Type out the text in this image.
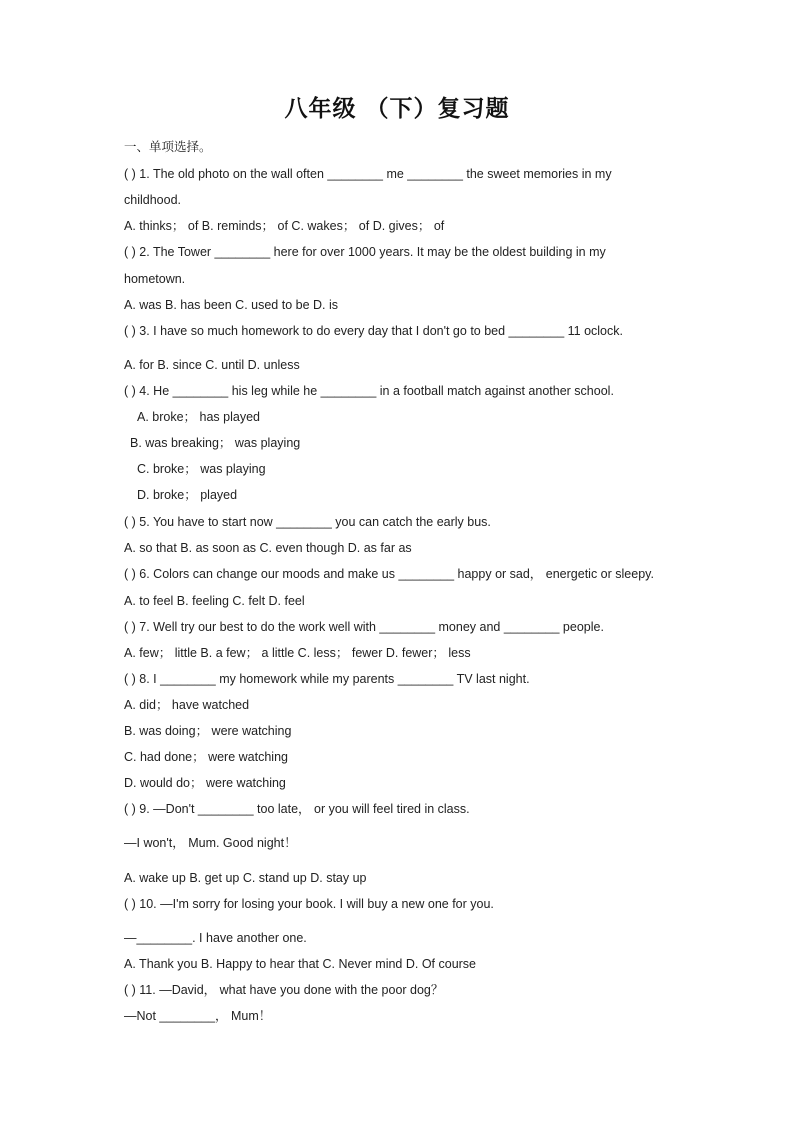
八年级 （下）复习题
一、单项选择。
( ) 1. The old photo on the wall often ________ me ________ the sweet memories in my
childhood.
A. thinks； of B. reminds； of C. wakes； of D. gives； of
( ) 2. The Tower ________ here for over 1000 years. It may be the oldest building in my
hometown.
A. was B. has been C. used to be D. is
( ) 3. I have so much homework to do every day that I don't go to bed ________ 11 oclock.
A. for B. since C. until D. unless
( ) 4. He ________ his leg while he ________ in a football match against another school.
A. broke； has played
B. was breaking； was playing
C. broke； was playing
D. broke； played
( ) 5. You have to start now ________ you can catch the early bus.
A. so that B. as soon as C. even though D. as far as
( ) 6. Colors can change our moods and make us ________ happy or sad， energetic or sleepy.
A. to feel B. feeling C. felt D. feel
( ) 7. Well try our best to do the work well with ________ money and ________ people.
A. few； little B. a few； a little C. less； fewer D. fewer； less
( ) 8. I ________ my homework while my parents ________ TV last night.
A. did； have watched
B. was doing； were watching
C. had done； were watching
D. would do； were watching
( ) 9. —Don't ________ too late， or you will feel tired in class.
—I won't， Mum. Good night！
A. wake up B. get up C. stand up D. stay up
( ) 10. —I'm sorry for losing your book. I will buy a new one for you.
—________. I have another one.
A. Thank you B. Happy to hear that C. Never mind D. Of course
( ) 11. —David， what have you done with the poor dog？
—Not ________， Mum！
